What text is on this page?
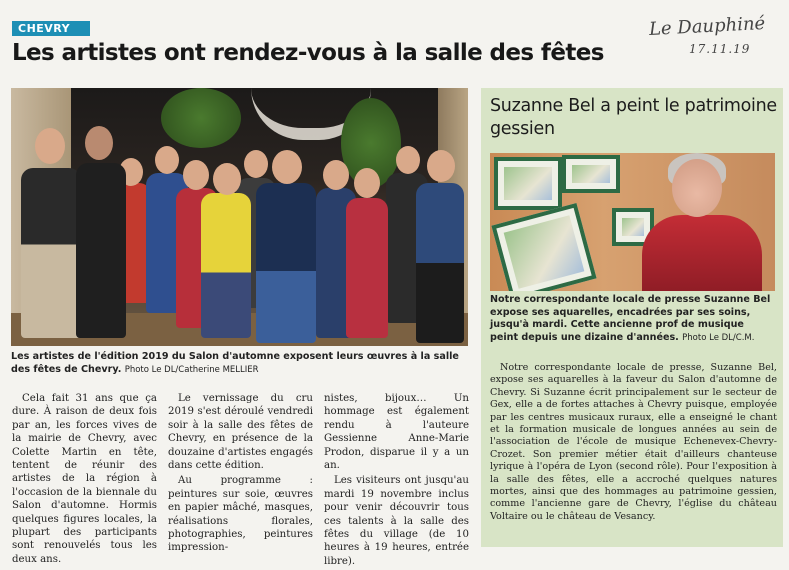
CHEVRY	Le Dauphiné
17.11.19
Les artistes ont rendez-vous à la salle des fêtes
Les artistes de l'édition 2019 du Salon d'automne exposent leurs œuvres à la salle des fêtes de Chevry. Photo Le DL/Catherine MELLIER

Cela fait 31 ans que ça dure. À raison de deux fois par an, les forces vives de la mairie de Chevry, avec Colette Martin en tête, tentent de réunir des artistes de la région à l'occasion de la biennale du Salon d'automne. Hormis quelques figures locales, la plupart des participants sont renouvelés tous les deux ans.

Le vernissage du cru 2019 s'est déroulé vendredi soir à la salle des fêtes de Chevry, en présence de la douzaine d'artistes engagés dans cette édition.

Au programme : peintures sur soie, œuvres en papier mâché, masques, réalisations florales, photographies, peintures impression-

nistes, bijoux… Un hommage est également rendu à l'auteure Gessienne Anne-Marie Prodon, disparue il y a un an.

Les visiteurs ont jusqu'au mardi 19 novembre inclus pour venir découvrir tous ces talents à la salle des fêtes du village (de 10 heures à 19 heures, entrée libre).

Suzanne Bel a peint le patrimoine gessien
Notre correspondante locale de presse Suzanne Bel expose ses aquarelles, encadrées par ses soins, jusqu'à mardi. Cette ancienne prof de musique peint depuis une dizaine d'années. Photo Le DL/C.M.
Notre correspondante locale de presse, Suzanne Bel, expose ses aquarelles à la faveur du Salon d'automne de Chevry. Si Suzanne écrit principalement sur le secteur de Gex, elle a de fortes attaches à Chevry puisque, employée par les centres musicaux ruraux, elle a enseigné le chant et la formation musicale de longues années au sein de l'association de l'école de musique Echenevex-Chevry-Crozet. Son premier métier était d'ailleurs chanteuse lyrique à l'opéra de Lyon (second rôle). Pour l'exposition à la salle des fêtes, elle a accroché quelques natures mortes, ainsi que des hommages au patrimoine gessien, comme l'ancienne gare de Chevry, l'église du château Voltaire ou le château de Vesancy.
